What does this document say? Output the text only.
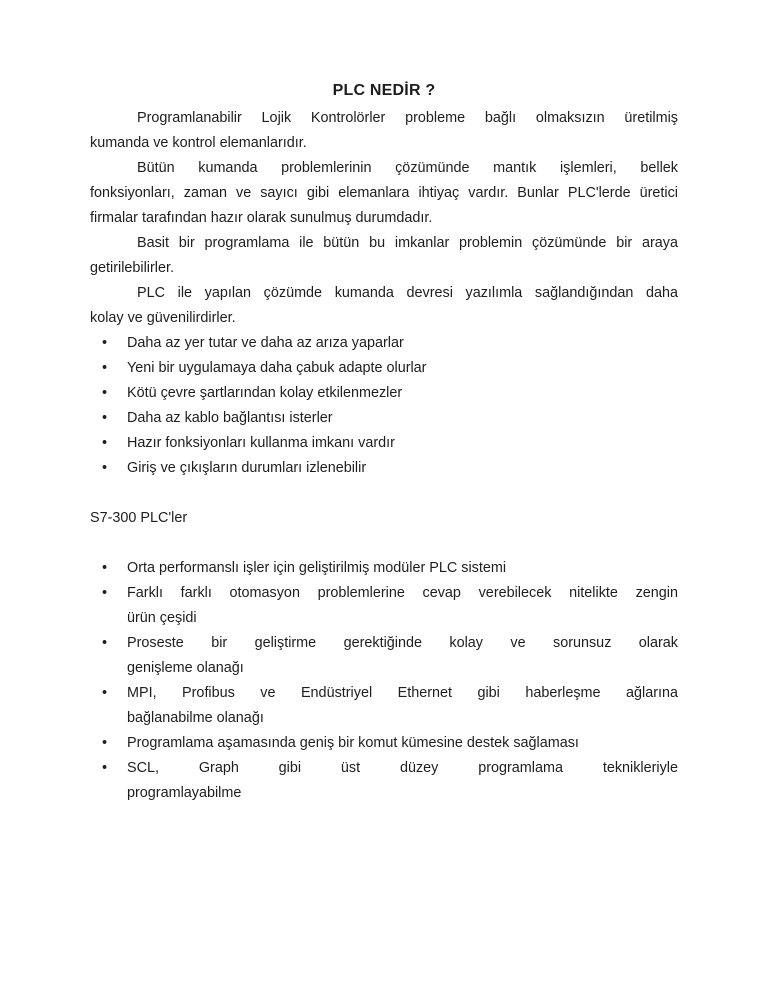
PLC NEDİR ?
Programlanabilir Lojik Kontrolörler probleme bağlı olmaksızın üretilmiş
kumanda ve kontrol elemanlarıdır.
Bütün kumanda problemlerinin çözümünde mantık işlemleri, bellek
fonksiyonları, zaman ve sayıcı gibi elemanlara ihtiyaç vardır. Bunlar PLC'lerde üretici
firmalar tarafından hazır olarak sunulmuş durumdadır.
Basit bir programlama ile bütün bu imkanlar problemin çözümünde bir araya
getirilebilirler.
PLC ile yapılan çözümde kumanda devresi yazılımla sağlandığından daha
kolay ve güvenilirdirler.
•	Daha az yer tutar ve daha az arıza yaparlar
•	Yeni bir uygulamaya daha çabuk adapte olurlar
•	Kötü çevre şartlarından kolay etkilenmezler
•	Daha az kablo bağlantısı isterler
•	Hazır fonksiyonları kullanma imkanı vardır
•	Giriş ve çıkışların durumları izlenebilir
S7-300 PLC'ler
•	Orta performanslı işler için geliştirilmiş modüler PLC sistemi
•	Farklı farklı otomasyon problemlerine cevap verebilecek nitelikte zengin
ürün çeşidi
•	Proseste bir geliştirme gerektiğinde kolay ve sorunsuz olarak
genişleme olanağı
•	MPI, Profibus ve Endüstriyel Ethernet gibi haberleşme ağlarına
bağlanabilme olanağı
•	Programlama aşamasında geniş bir komut kümesine destek sağlaması
•	SCL, Graph gibi üst düzey programlama teknikleriyle
programlayabilme
